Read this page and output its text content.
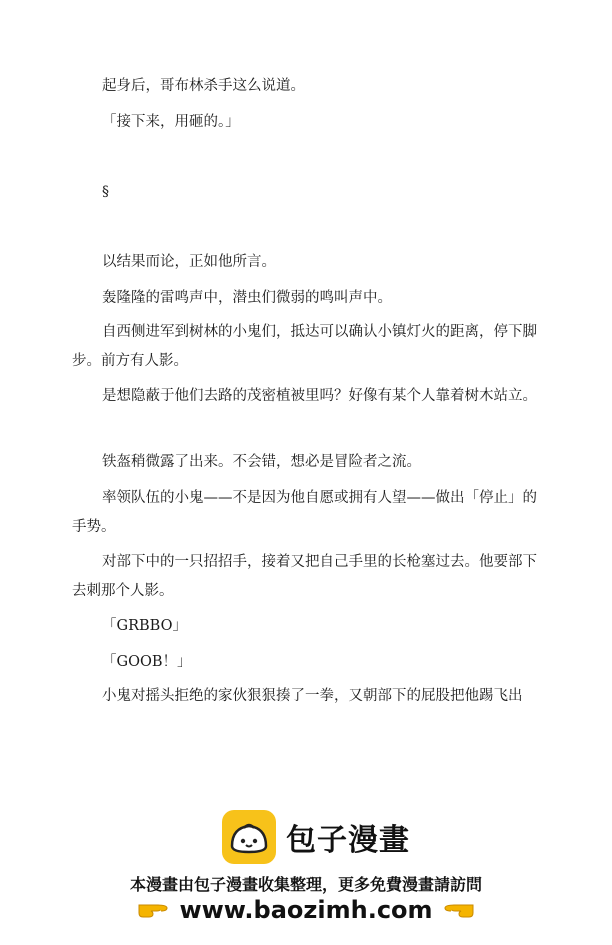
起身后，哥布林杀手这么说道。

「接下来，用砸的。」

§

以结果而论，正如他所言。

轰隆隆的雷鸣声中，潜虫们微弱的鸣叫声中。

自西侧进军到树林的小鬼们，抵达可以确认小镇灯火的距离，停下脚步。前方有人影。

是想隐蔽于他们去路的茂密植被里吗？好像有某个人靠着树木站立。

铁盔稍微露了出来。不会错，想必是冒险者之流。

率领队伍的小鬼——不是因为他自愿或拥有人望——做出「停止」的手势。

对部下中的一只招招手，接着又把自己手里的长枪塞过去。他要部下去刺那个人影。

「GRBBO」

「GOOB！」

小鬼对摇头拒绝的家伙狠狠揍了一拳，又朝部下的屁股把他踢飞出

包子漫畫
本漫畫由包子漫畫收集整理，更多免費漫畫請訪問
www.baozimh.com
